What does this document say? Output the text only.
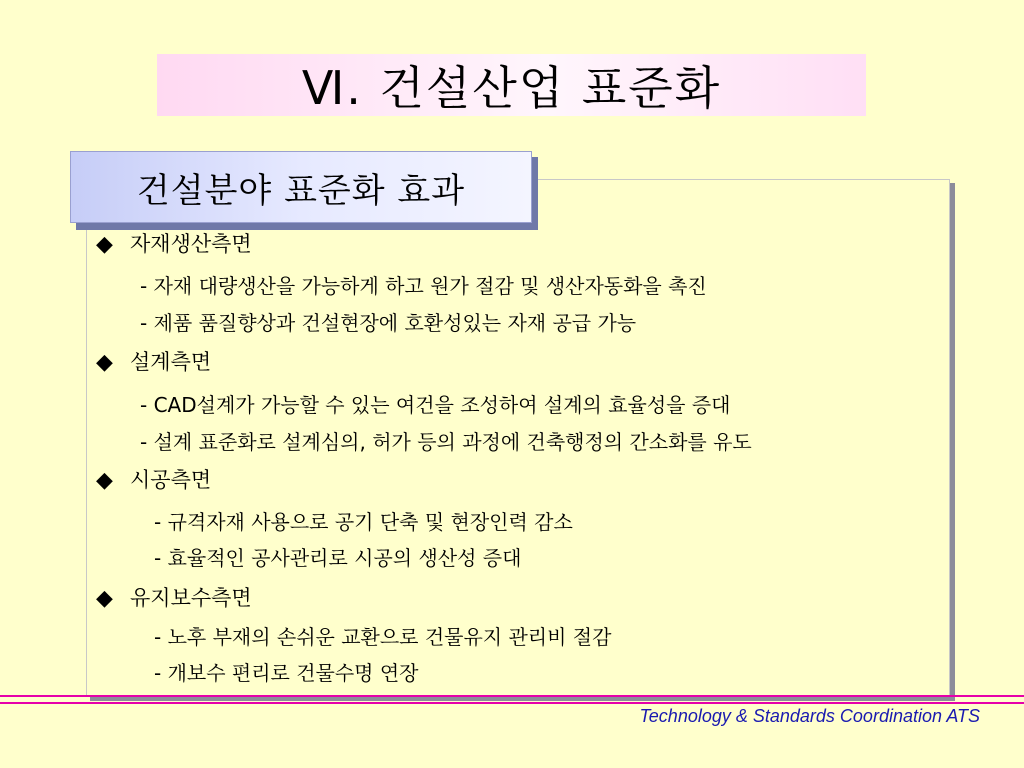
Ⅵ. 건설산업 표준화
건설분야 표준화 효과
◆ 자재생산측면
- 자재 대량생산을 가능하게 하고 원가 절감 및 생산자동화을 촉진
- 제품 품질향상과 건설현장에 호환성있는 자재 공급 가능
◆ 설계측면
- CAD설계가 가능할 수 있는 여건을 조성하여 설계의 효율성을 증대
- 설계 표준화로 설계심의, 허가 등의 과정에 건축행정의 간소화를 유도
◆ 시공측면
- 규격자재 사용으로 공기 단축 및 현장인력 감소
- 효율적인 공사관리로 시공의 생산성 증대
◆ 유지보수측면
- 노후 부재의 손쉬운 교환으로 건물유지 관리비 절감
- 개보수 편리로 건물수명 연장
Technology & Standards Coordination ATS
